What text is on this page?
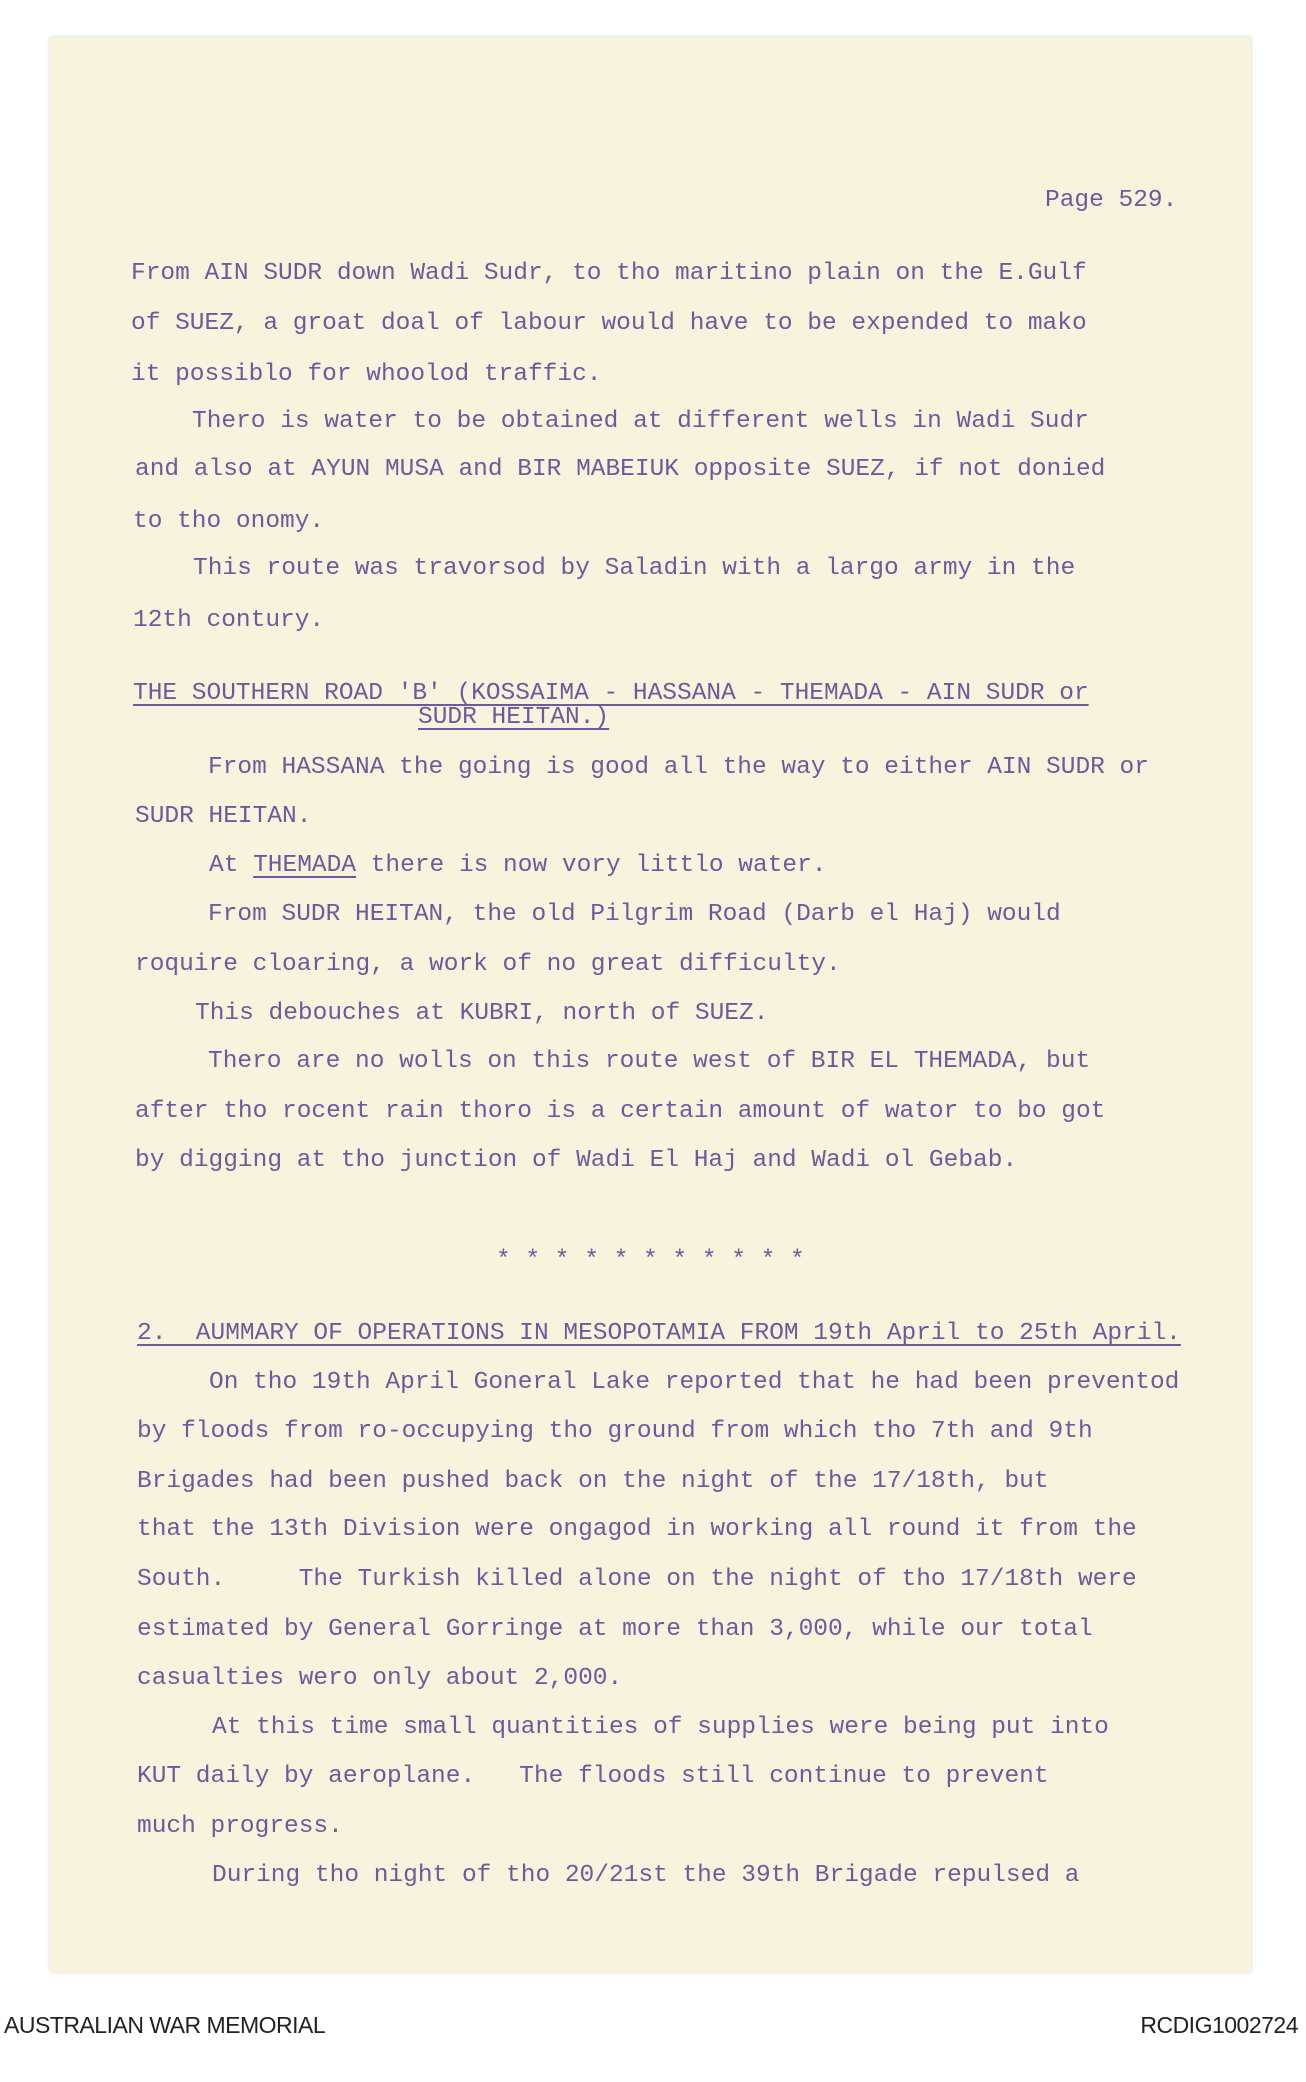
Page 529.
From AIN SUDR down Wadi Sudr, to tho maritino plain on the E.Gulf
of SUEZ, a groat doal of labour would have to be expended to mako
it possiblo for whoolod traffic.
Thero is water to be obtained at different wells in Wadi Sudr
and also at AYUN MUSA and BIR MABEIUK opposite SUEZ, if not donied
to tho onomy.
This route was travorsod by Saladin with a largo army in the
12th contury.
THE SOUTHERN ROAD 'B' (KOSSAIMA - HASSANA - THEMADA - AIN SUDR or
SUDR HEITAN.)
From HASSANA the going is good all the way to either AIN SUDR or
SUDR HEITAN.
At THEMADA there is now vory littlo water.
From SUDR HEITAN, the old Pilgrim Road (Darb el Haj) would
roquire cloaring, a work of no great difficulty.
This debouches at KUBRI, north of SUEZ.
Thero are no wolls on this route west of BIR EL THEMADA, but
after tho rocent rain thoro is a certain amount of wator to bo got
by digging at tho junction of Wadi El Haj and Wadi ol Gebab.
* * * * * * * * * * *
2.  AUMMARY OF OPERATIONS IN MESOPOTAMIA FROM 19th April to 25th April.
On tho 19th April Goneral Lake reported that he had been preventod
by floods from ro-occupying tho ground from which tho 7th and 9th
Brigades had been pushed back on the night of the 17/18th, but
that the 13th Division were ongagod in working all round it from the
South.     The Turkish killed alone on the night of tho 17/18th were
estimated by General Gorringe at more than 3,000, while our total
casualties wero only about 2,000.
At this time small quantities of supplies were being put into
KUT daily by aeroplane.   The floods still continue to prevent
much progress.
During tho night of tho 20/21st the 39th Brigade repulsed a
AUSTRALIAN WAR MEMORIAL	RCDIG1002724
